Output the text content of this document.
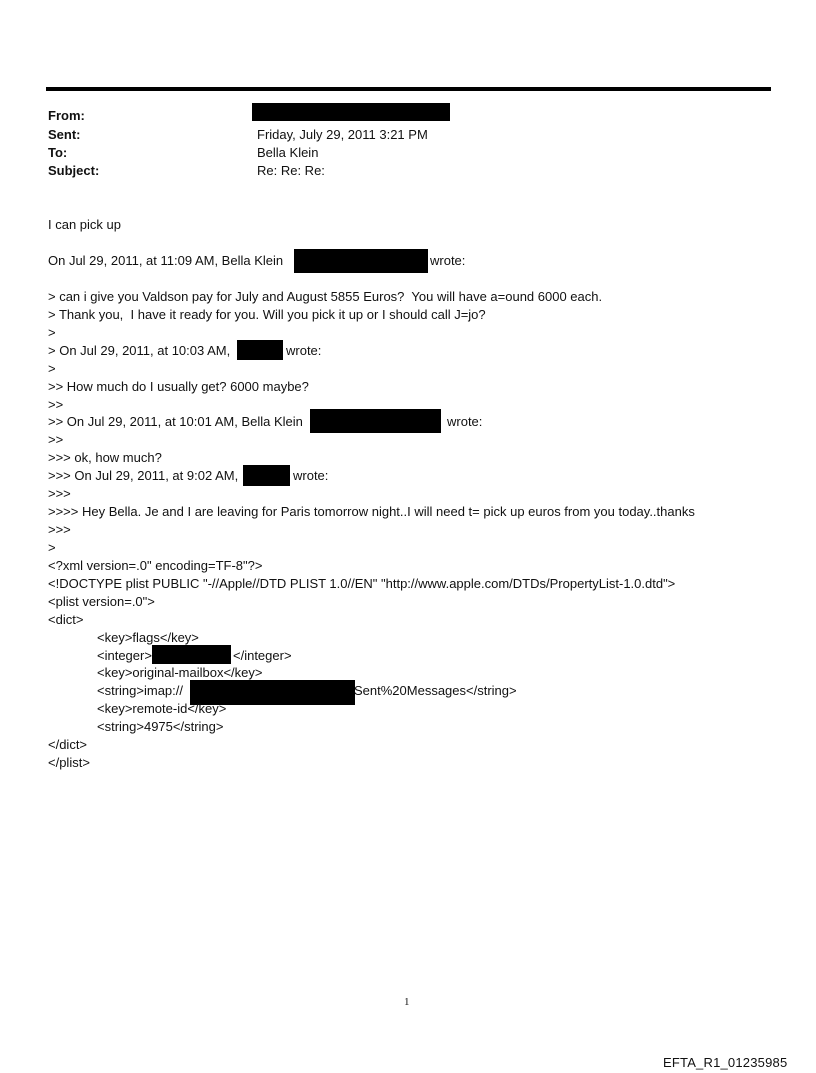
From:
Sent:	Friday, July 29, 2011 3:21 PM
To:	Bella Klein
Subject:	Re: Re: Re:
I can pick up
On Jul 29, 2011, at 11:09 AM, Bella Klein	wrote:
> can i give you Valdson pay for July and August 5855 Euros?  You will have a=ound 6000 each.
> Thank you,  I have it ready for you. Will you pick it up or I should call J=jo?
>
> On Jul 29, 2011, at 10:03 AM,	wrote:
>
>> How much do I usually get? 6000 maybe?
>>
>> On Jul 29, 2011, at 10:01 AM, Bella Klein	wrote:
>>
>>> ok, how much?
>>> On Jul 29, 2011, at 9:02 AM,	wrote:
>>>
>>>> Hey Bella. Je and I are leaving for Paris tomorrow night..I will need t= pick up euros from you today..thanks
>>>
>
<?xml version=.0" encoding=TF-8"?>
<!DOCTYPE plist PUBLIC "-//Apple//DTD PLIST 1.0//EN" "http://www.apple.com/DTDs/PropertyList-1.0.dtd">
<plist version=.0">
<dict>
<key>flags</key>
<integer>	</integer>
<key>original-mailbox</key>
<string>imap://	Sent%20Messages</string>
<key>remote-id</key>
<string>4975</string>
</dict>
</plist>
1
EFTA_R1_01235985
